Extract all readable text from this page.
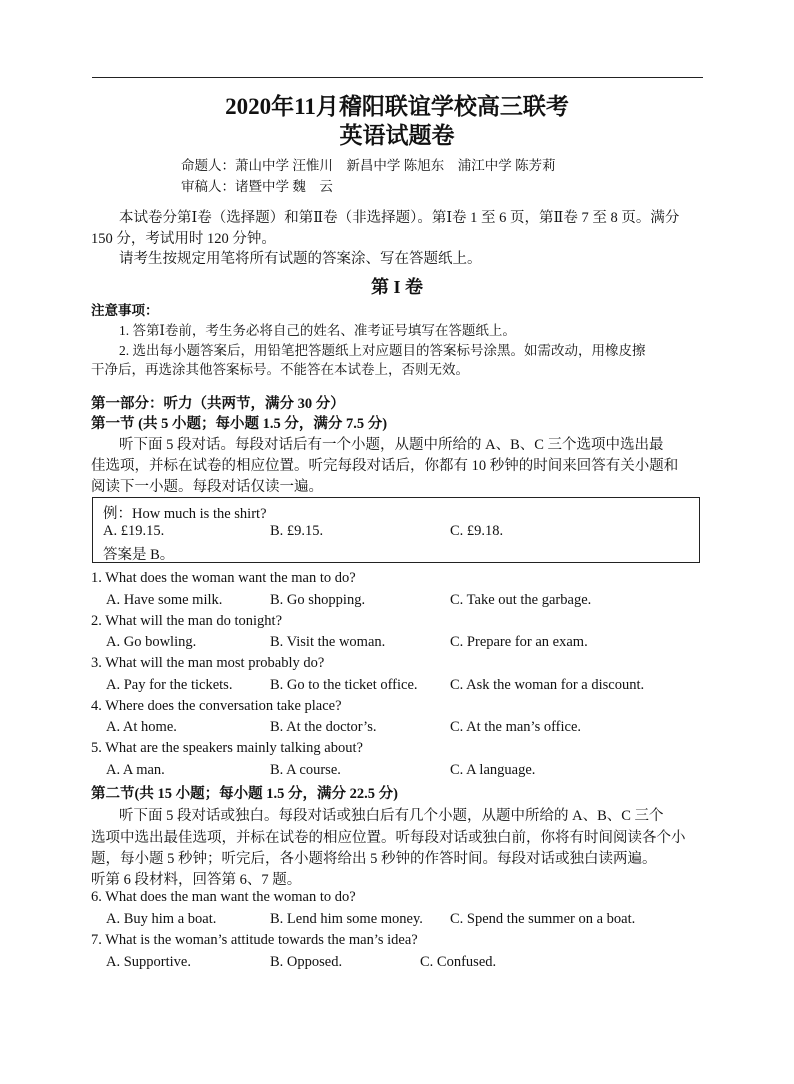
2020年11月稽阳联谊学校高三联考
英语试题卷
命题人：萧山中学 汪惟川　新昌中学 陈旭东　浦江中学 陈芳莉
审稿人：诸暨中学 魏　云
本试卷分第Ⅰ卷（选择题）和第Ⅱ卷（非选择题）。第Ⅰ卷 1 至 6 页，第Ⅱ卷 7 至 8 页。满分
150 分，考试用时 120 分钟。
请考生按规定用笔将所有试题的答案涂、写在答题纸上。
第 I 卷
注意事项：
1. 答第Ⅰ卷前，考生务必将自己的姓名、准考证号填写在答题纸上。
2. 选出每小题答案后，用铅笔把答题纸上对应题目的答案标号涂黑。如需改动，用橡皮擦
干净后，再选涂其他答案标号。不能答在本试卷上，否则无效。
第一部分：听力（共两节，满分 30 分）
第一节 (共 5 小题；每小题 1.5 分，满分 7.5 分)
听下面 5 段对话。每段对话后有一个小题，从题中所给的 A、B、C 三个选项中选出最
佳选项，并标在试卷的相应位置。听完每段对话后，你都有 10 秒钟的时间来回答有关小题和
阅读下一小题。每段对话仅读一遍。
例：How much is the shirt?
A. £19.15.	B. £9.15.	C. £9.18.
答案是 B。
1. What does the woman want the man to do?
A. Have some milk.	B. Go shopping.	C. Take out the garbage.
2. What will the man do tonight?
A. Go bowling.	B. Visit the woman.	C. Prepare for an exam.
3. What will the man most probably do?
A. Pay for the tickets.	B. Go to the ticket office. C. Ask the woman for a discount.
4. Where does the conversation take place?
A. At home.	B. At the doctor’s.	C. At the man’s office.
5. What are the speakers mainly talking about?
A. A man.	B. A course.	C. A language.
第二节(共 15 小题；每小题 1.5 分，满分 22.5 分)
听下面 5 段对话或独白。每段对话或独白后有几个小题，从题中所给的 A、B、C 三个
选项中选出最佳选项，并标在试卷的相应位置。听每段对话或独白前，你将有时间阅读各个小
题，每小题 5 秒钟；听完后，各小题将给出 5 秒钟的作答时间。每段对话或独白读两遍。
听第 6 段材料，回答第 6、7 题。
6. What does the man want the woman to do?
A. Buy him a boat.	B. Lend him some money. C. Spend the summer on a boat.
7. What is the woman’s attitude towards the man’s idea?
A. Supportive.	B. Opposed.	C. Confused.
